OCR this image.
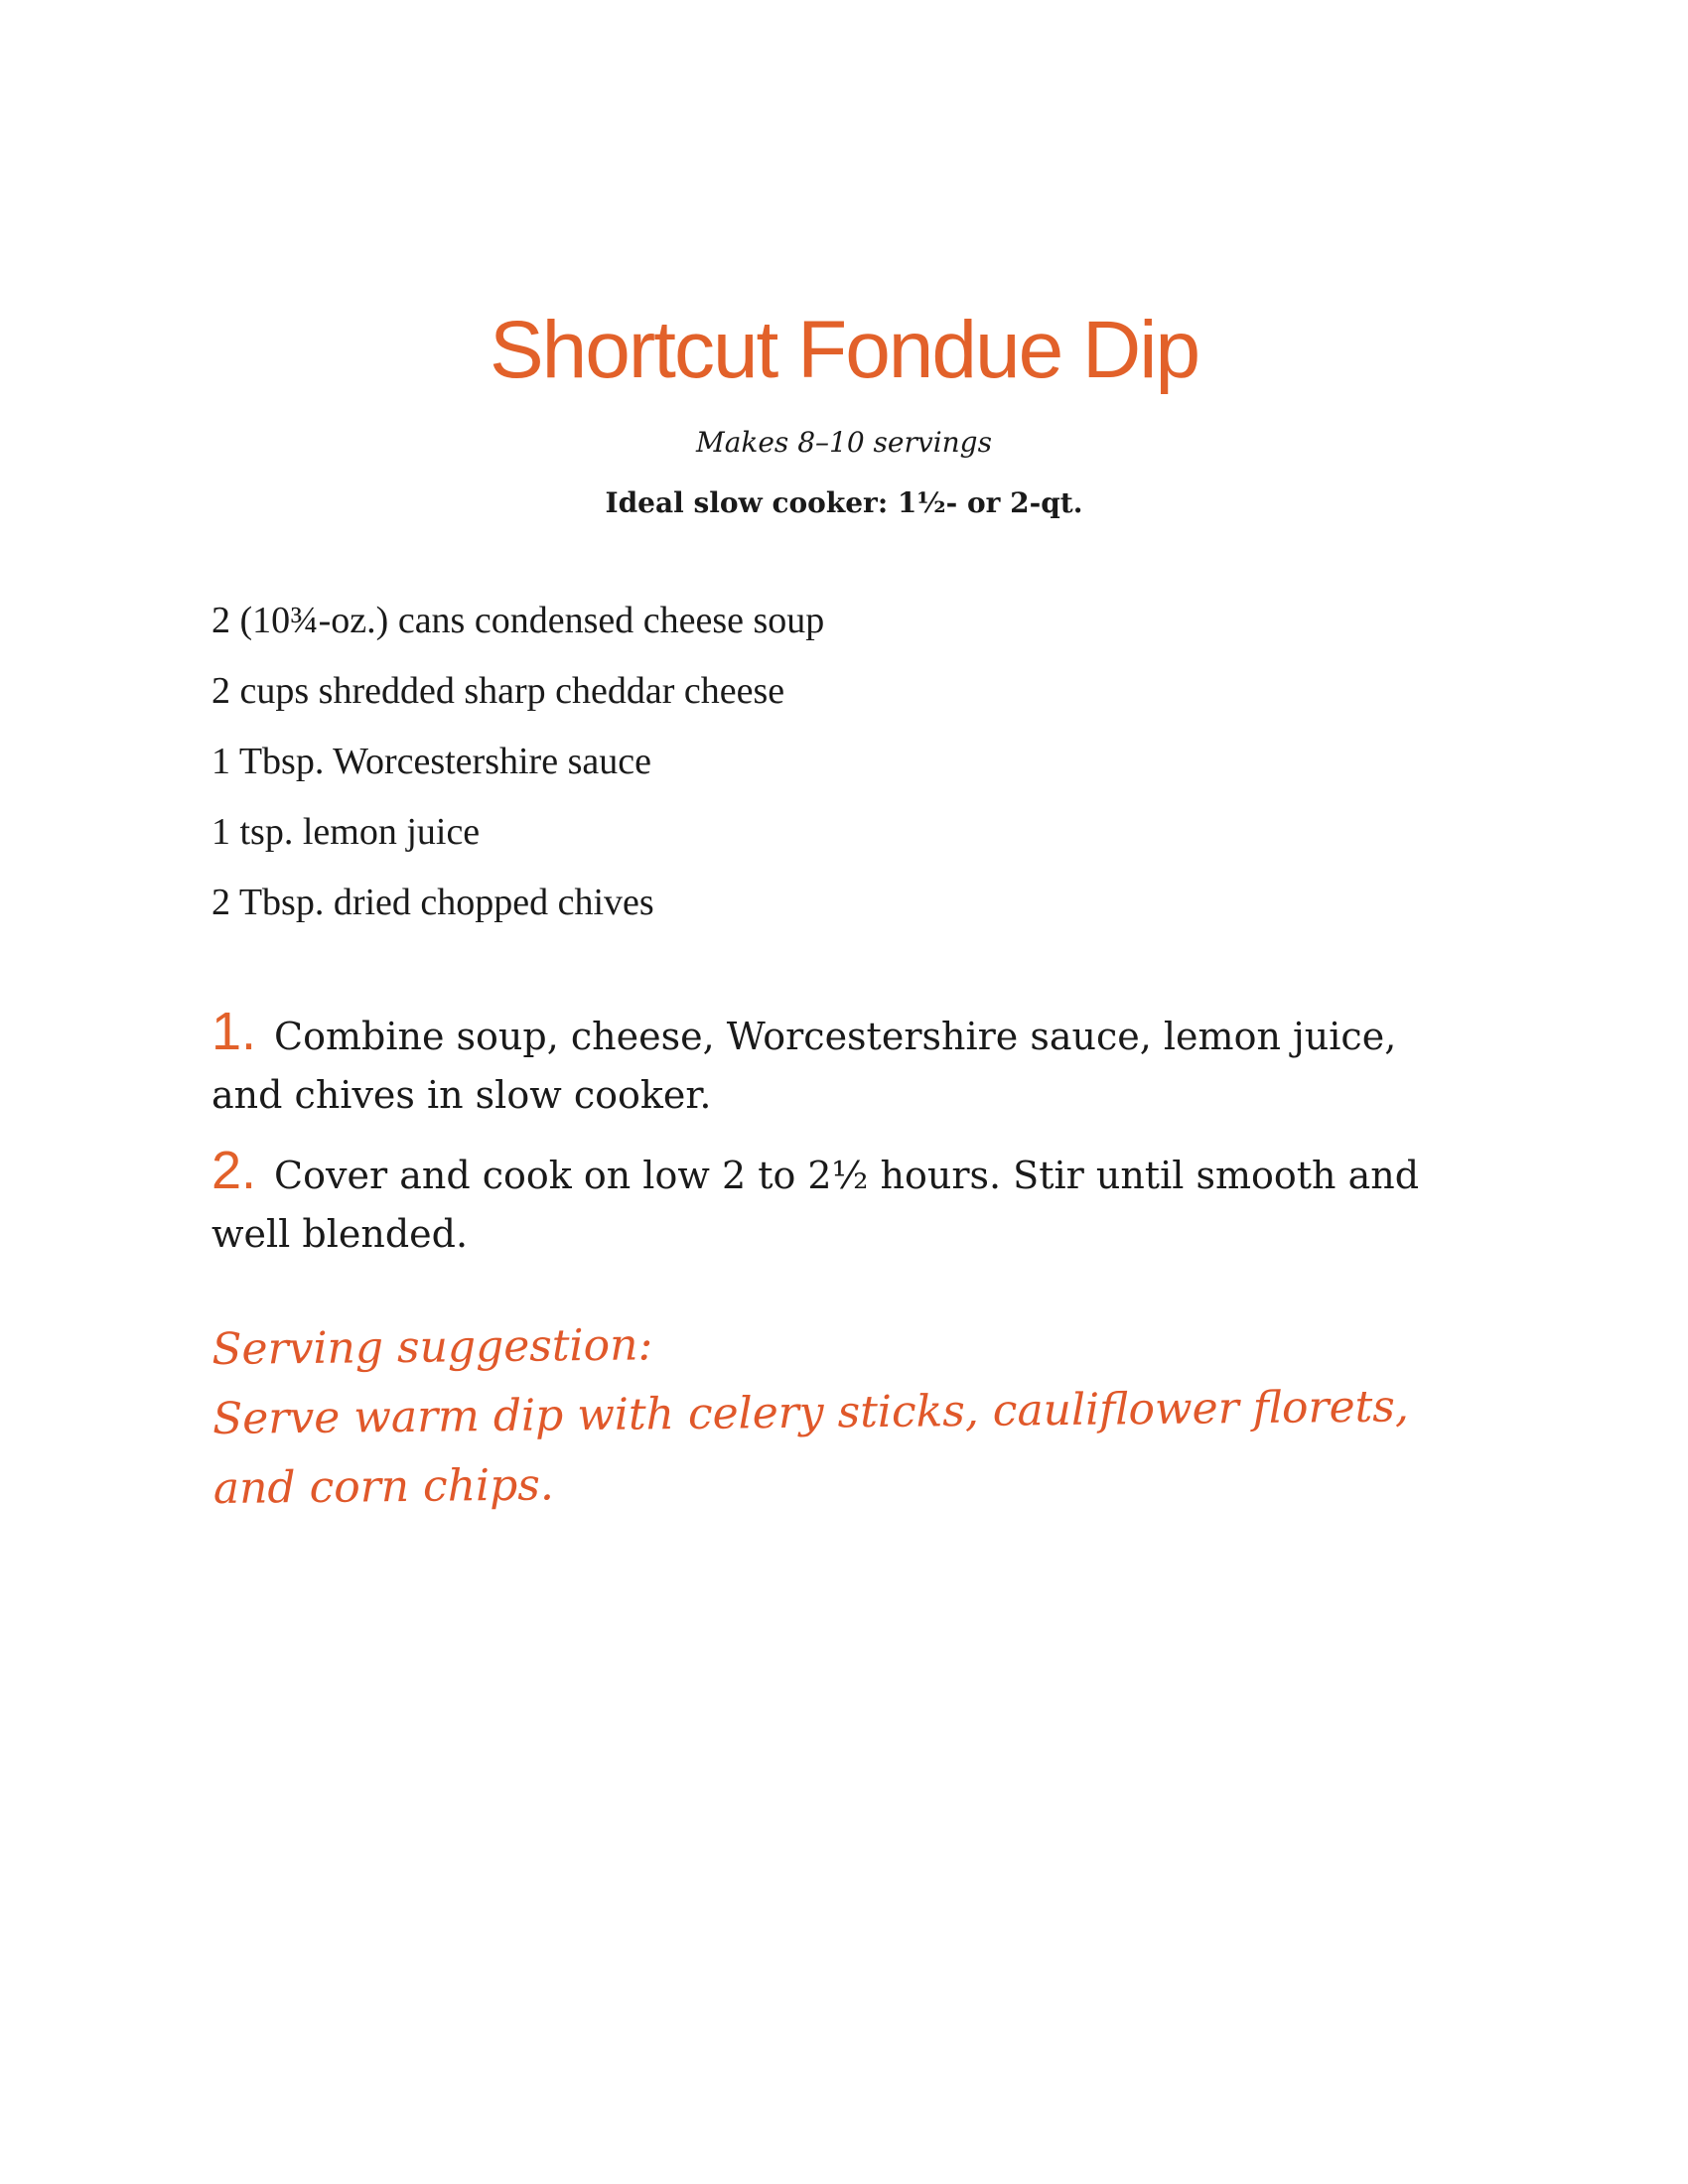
Shortcut Fondue Dip
Makes 8–10 servings
Ideal slow cooker: 1½- or 2-qt.
2 (10¾-oz.) cans condensed cheese soup
2 cups shredded sharp cheddar cheese
1 Tbsp. Worcestershire sauce
1 tsp. lemon juice
2 Tbsp. dried chopped chives
1. Combine soup, cheese, Worcestershire sauce, lemon juice, and chives in slow cooker.
2. Cover and cook on low 2 to 2½ hours. Stir until smooth and well blended.
Serving suggestion:
Serve warm dip with celery sticks, cauliflower florets, and corn chips.
